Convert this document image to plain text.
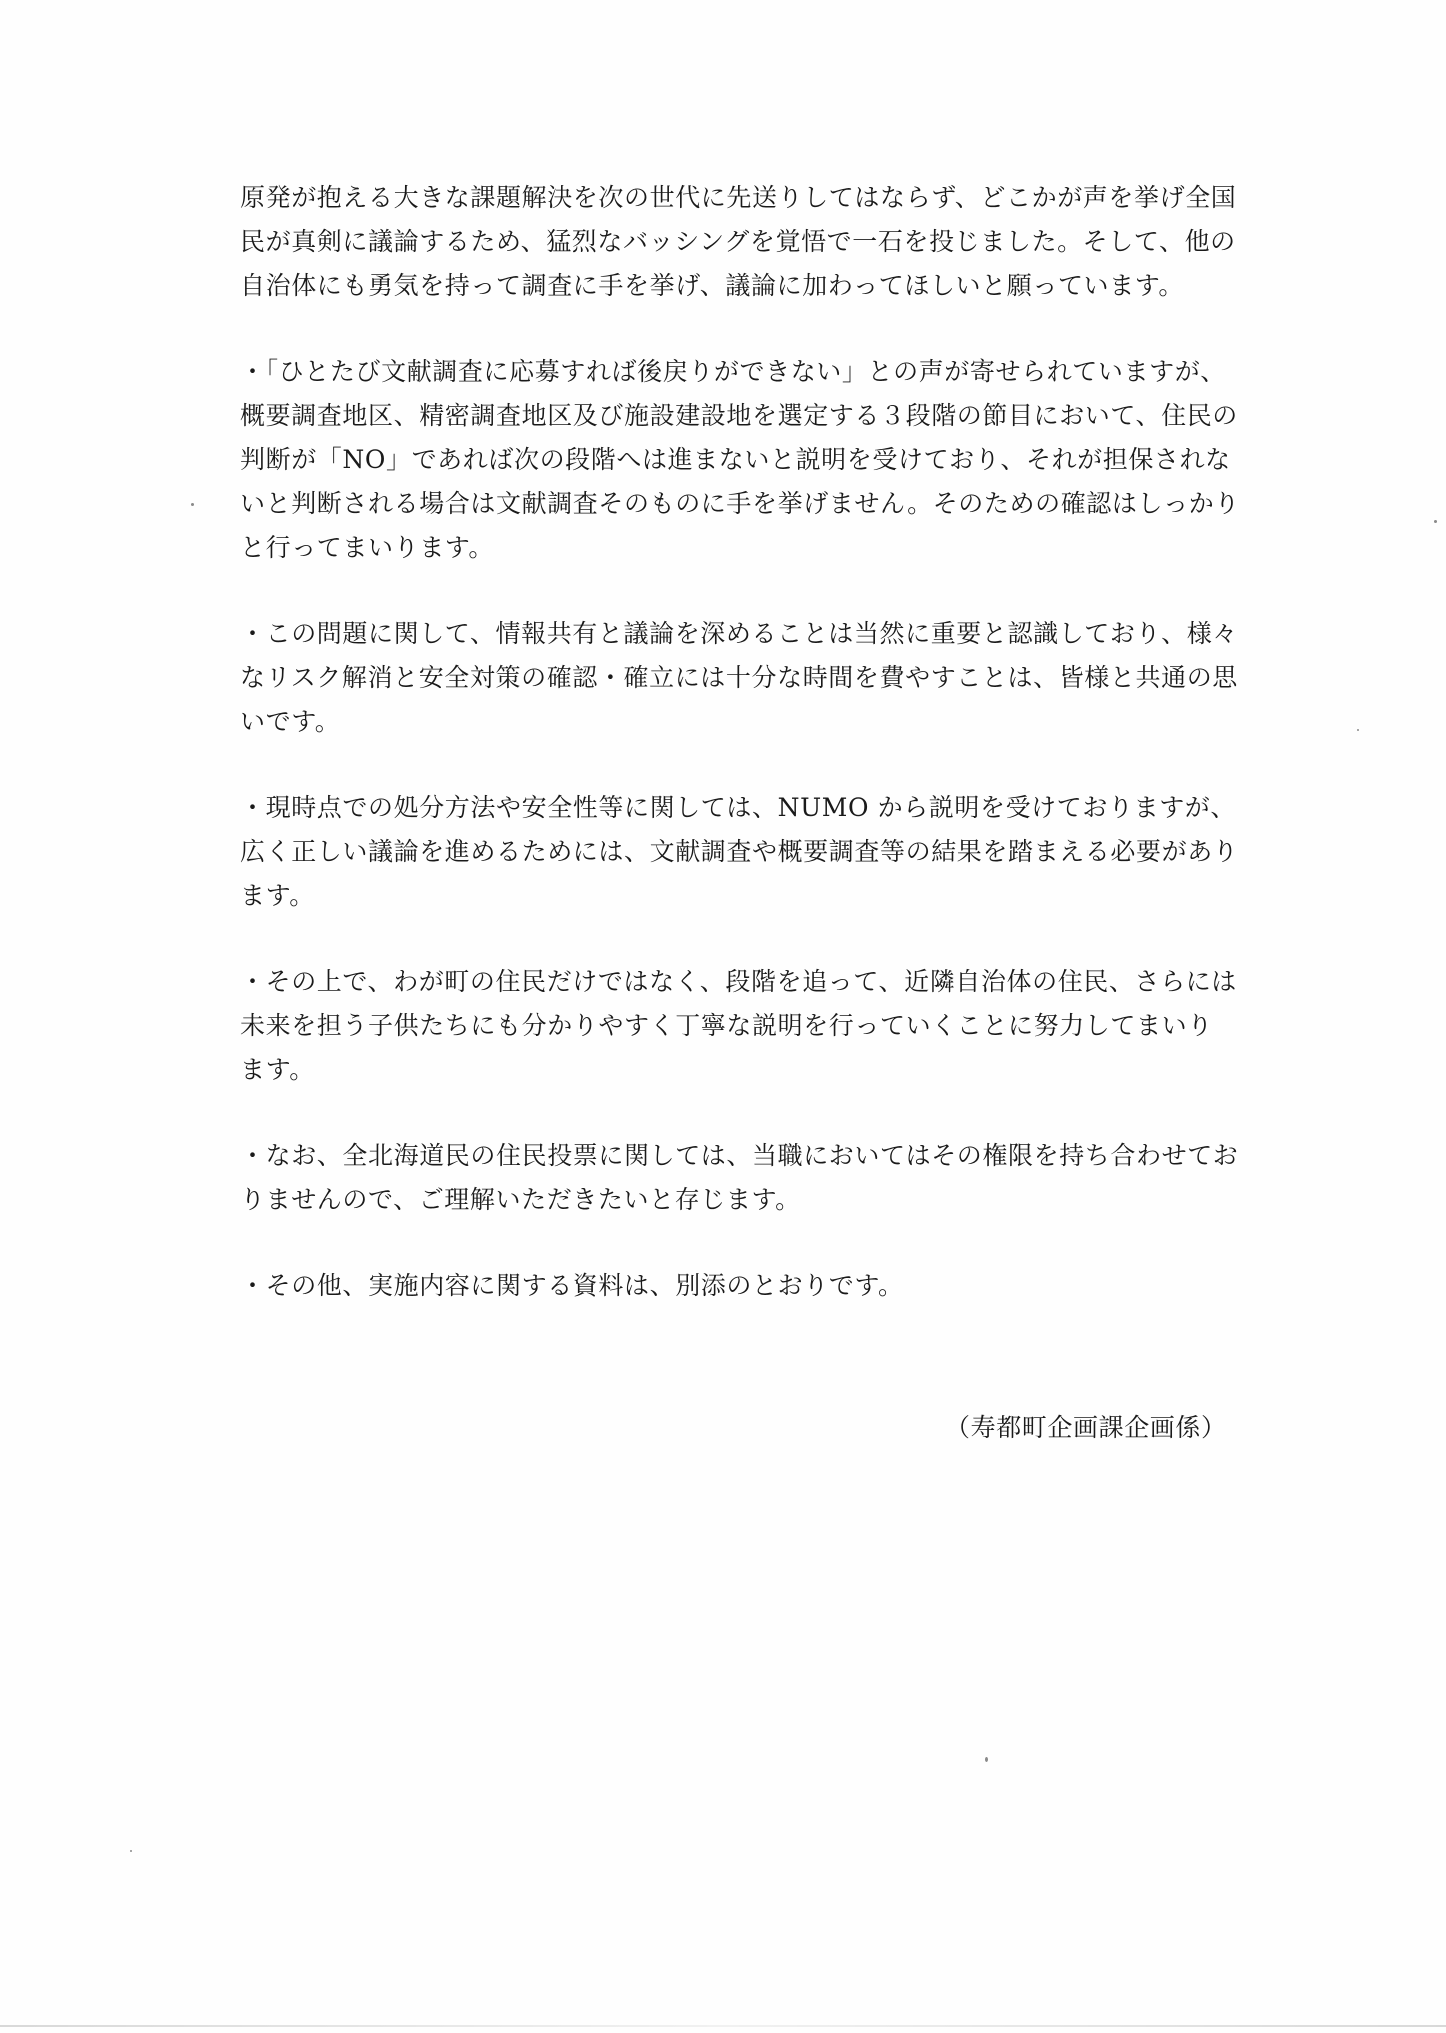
原発が抱える大きな課題解決を次の世代に先送りしてはならず、どこかが声を挙げ全国
民が真剣に議論するため、猛烈なバッシングを覚悟で一石を投じました。そして、他の
自治体にも勇気を持って調査に手を挙げ、議論に加わってほしいと願っています。
・「ひとたび文献調査に応募すれば後戻りができない」との声が寄せられていますが、
概要調査地区、精密調査地区及び施設建設地を選定する３段階の節目において、住民の
判断が「NO」であれば次の段階へは進まないと説明を受けており、それが担保されな
いと判断される場合は文献調査そのものに手を挙げません。そのための確認はしっかり
と行ってまいります。
・この問題に関して、情報共有と議論を深めることは当然に重要と認識しており、様々
なリスク解消と安全対策の確認・確立には十分な時間を費やすことは、皆様と共通の思
いです。
・現時点での処分方法や安全性等に関しては、NUMO から説明を受けておりますが、
広く正しい議論を進めるためには、文献調査や概要調査等の結果を踏まえる必要があり
ます。
・その上で、わが町の住民だけではなく、段階を追って、近隣自治体の住民、さらには
未来を担う子供たちにも分かりやすく丁寧な説明を行っていくことに努力してまいり
ます。
・なお、全北海道民の住民投票に関しては、当職においてはその権限を持ち合わせてお
りませんので、ご理解いただきたいと存じます。
・その他、実施内容に関する資料は、別添のとおりです。
（寿都町企画課企画係）
